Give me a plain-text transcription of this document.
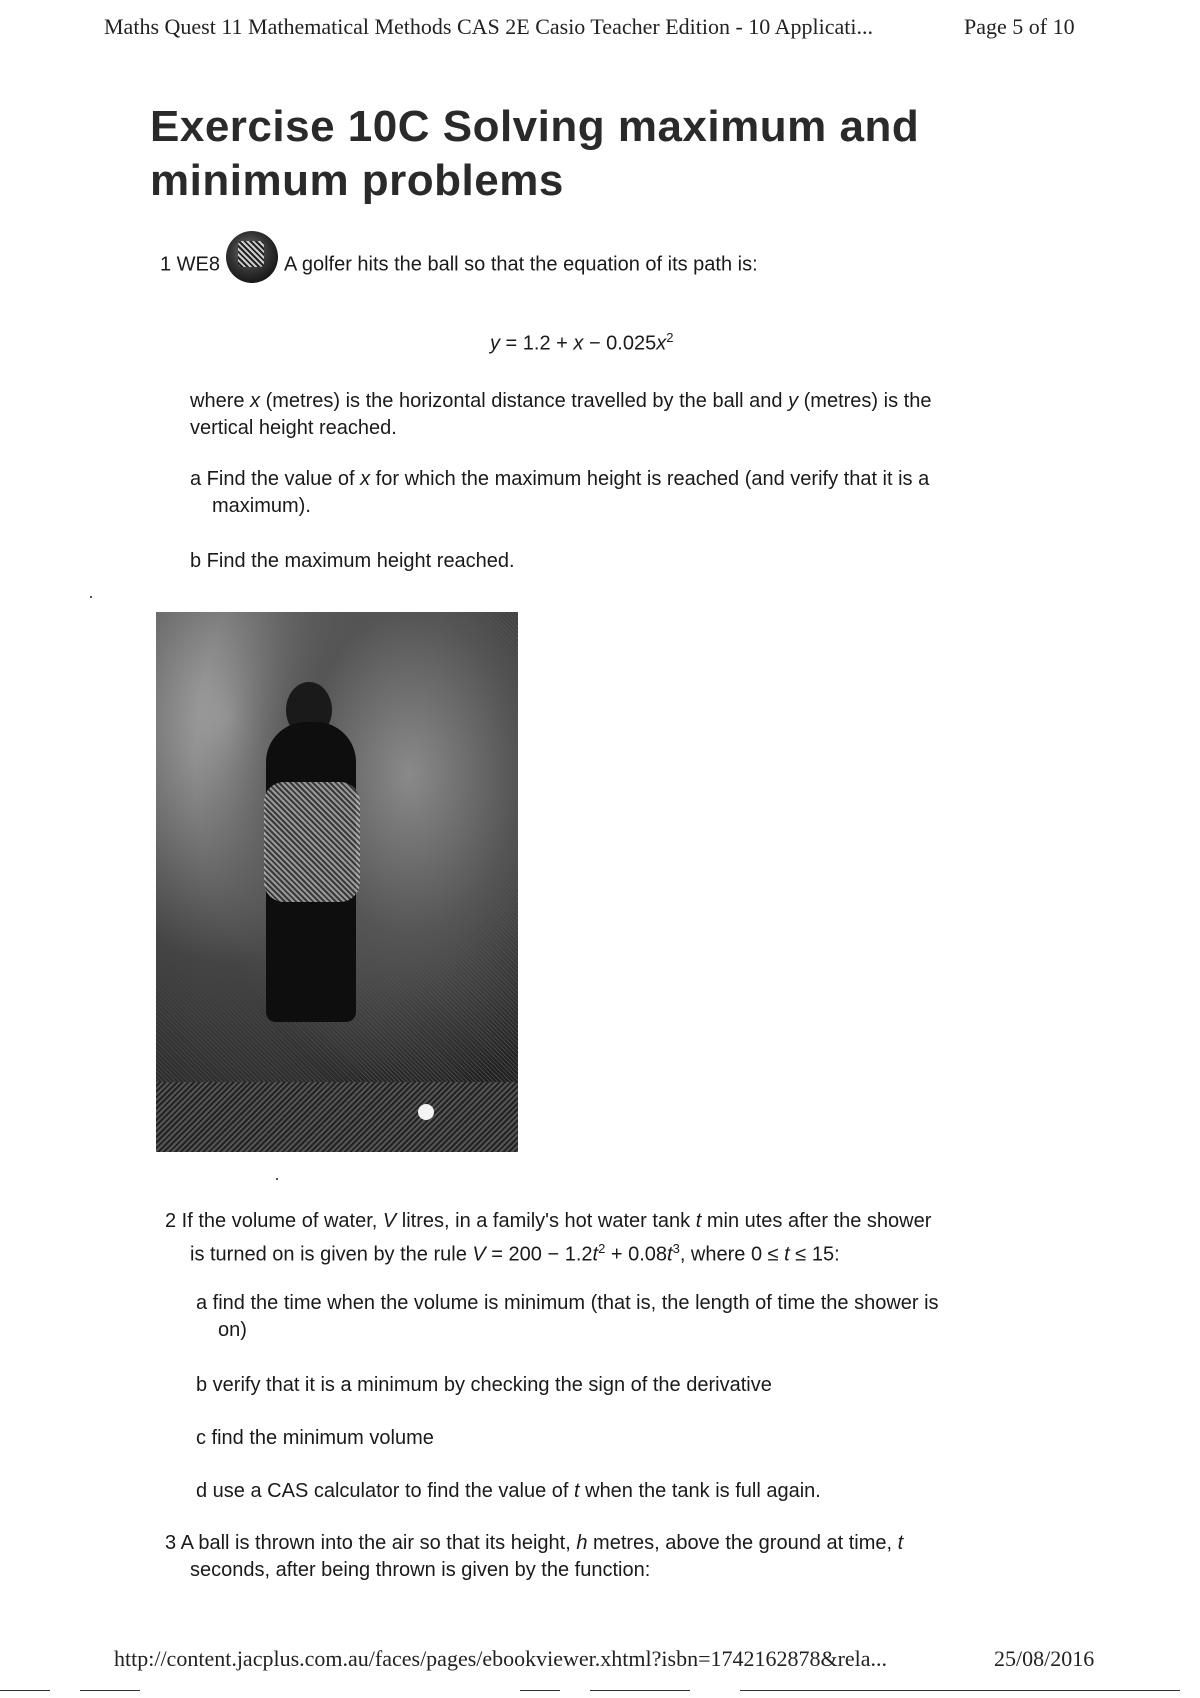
Maths Quest 11 Mathematical Methods CAS 2E Casio Teacher Edition - 10 Applicati...	Page 5 of 10
Exercise 10C Solving maximum and
minimum problems
1 WE8	A golfer hits the ball so that the equation of its path is:
$y = 1.2 + x - 0.025x^2$
where x (metres) is the horizontal distance travelled by the ball and y (metres) is the
vertical height reached.
a Find the value of x for which the maximum height is reached (and verify that it is a
maximum).
b Find the maximum height reached.
2 If the volume of water, V litres, in a family's hot water tank t min utes after the shower
is turned on is given by the rule $V = 200 - 1.2t^2 + 0.08t^3$, where 0 ≤ t ≤ 15:
a find the time when the volume is minimum (that is, the length of time the shower is
on)
b verify that it is a minimum by checking the sign of the derivative
c find the minimum volume
d use a CAS calculator to find the value of t when the tank is full again.
3 A ball is thrown into the air so that its height, h metres, above the ground at time, t
seconds, after being thrown is given by the function:
http://content.jacplus.com.au/faces/pages/ebookviewer.xhtml?isbn=1742162878&rela...	25/08/2016
